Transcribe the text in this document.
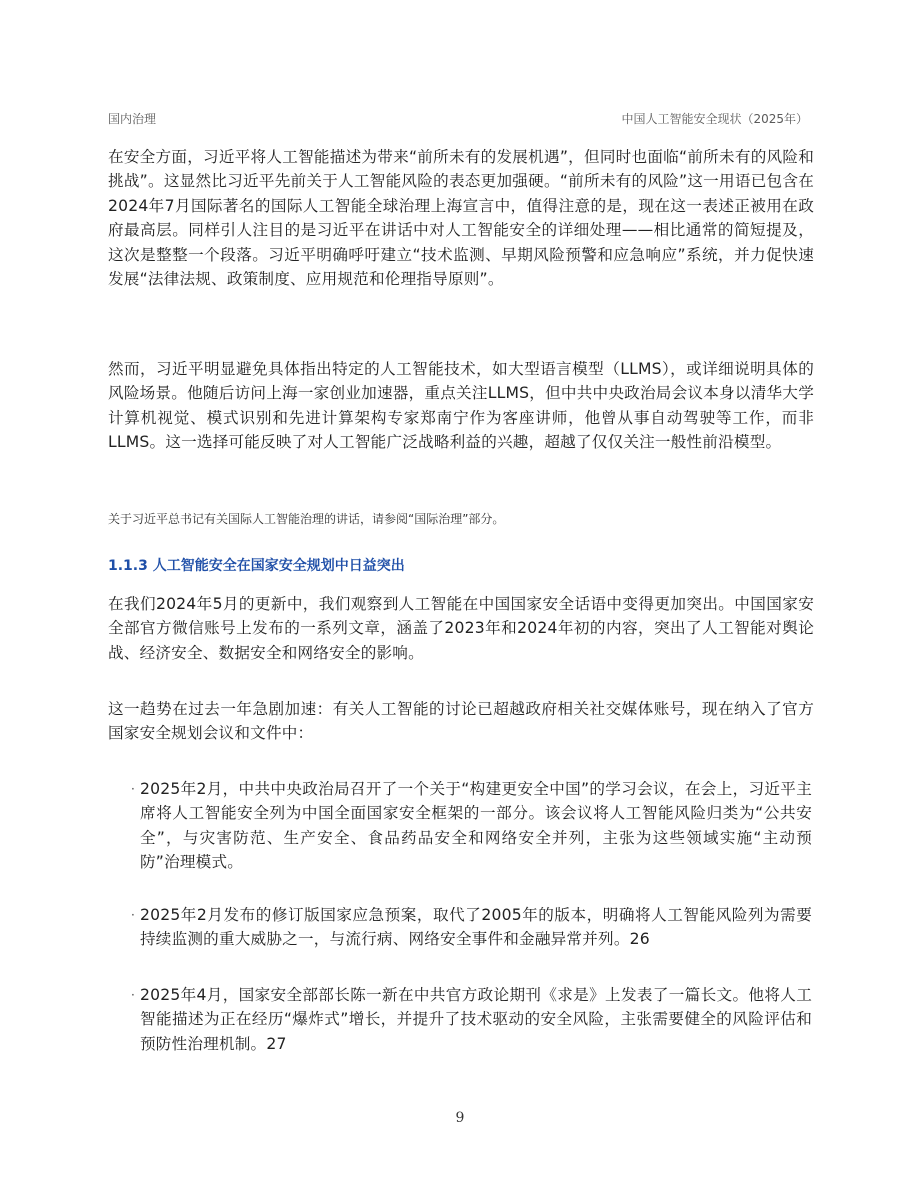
国内治理	中国人工智能安全现状（2025年）

在安全方面，习近平将人工智能描述为带来“前所未有的发展机遇”，但同时也面临“前所未有的风险和挑战”。这显然比习近平先前关于人工智能风险的表态更加强硬。“前所未有的风险”这一用语已包含在2024年7月国际著名的国际人工智能全球治理上海宣言中，值得注意的是，现在这一表述正被用在政府最高层。同样引人注目的是习近平在讲话中对人工智能安全的详细处理——相比通常的简短提及，这次是整整一个段落。习近平明确呼吁建立“技术监测、早期风险预警和应急响应”系统，并力促快速发展“法律法规、政策制度、应用规范和伦理指导原则”。

然而，习近平明显避免具体指出特定的人工智能技术，如大型语言模型（LLMS），或详细说明具体的风险场景。他随后访问上海一家创业加速器，重点关注LLMS，但中共中央政治局会议本身以清华大学计算机视觉、模式识别和先进计算架构专家郑南宁作为客座讲师，他曾从事自动驾驶等工作，而非LLMS。这一选择可能反映了对人工智能广泛战略利益的兴趣，超越了仅仅关注一般性前沿模型。

关于习近平总书记有关国际人工智能治理的讲话，请参阅“国际治理”部分。

1.1.3 人工智能安全在国家安全规划中日益突出

在我们2024年5月的更新中，我们观察到人工智能在中国国家安全话语中变得更加突出。中国国家安全部官方微信账号上发布的一系列文章，涵盖了2023年和2024年初的内容，突出了人工智能对舆论战、经济安全、数据安全和网络安全的影响。

这一趋势在过去一年急剧加速：有关人工智能的讨论已超越政府相关社交媒体账号，现在纳入了官方国家安全规划会议和文件中：

· 2025年2月，中共中央政治局召开了一个关于“构建更安全中国”的学习会议，在会上，习近平主席将人工智能安全列为中国全面国家安全框架的一部分。该会议将人工智能风险归类为“公共安全”，与灾害防范、生产安全、食品药品安全和网络安全并列，主张为这些领域实施“主动预防”治理模式。

· 2025年2月发布的修订版国家应急预案，取代了2005年的版本，明确将人工智能风险列为需要持续监测的重大威胁之一，与流行病、网络安全事件和金融异常并列。26

· 2025年4月，国家安全部部长陈一新在中共官方政论期刊《求是》上发表了一篇长文。他将人工智能描述为正在经历“爆炸式”增长，并提升了技术驱动的安全风险，主张需要健全的风险评估和预防性治理机制。27

9
